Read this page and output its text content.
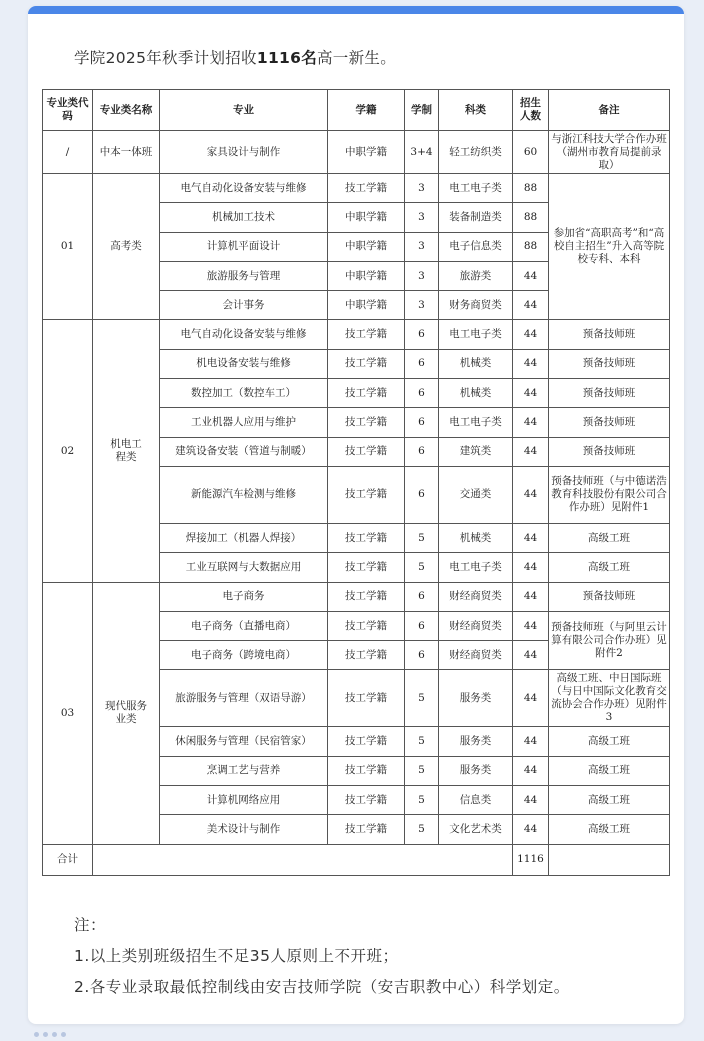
学院2025年秋季计划招收1116名高一新生。
专业类代码	专业类名称	专业	学籍	学制	科类	招生人数	备注
/	中本一体班	家具设计与制作	中职学籍	3+4	轻工纺织类	60	与浙江科技大学合作办班（湖州市教育局提前录取）
01	高考类	电气自动化设备安装与维修	技工学籍	3	电工电子类	88	参加省“高职高考”和“高校自主招生”升入高等院校专科、本科
		机械加工技术	中职学籍	3	装备制造类	88	
		计算机平面设计	中职学籍	3	电子信息类	88	
		旅游服务与管理	中职学籍	3	旅游类	44	
		会计事务	中职学籍	3	财务商贸类	44	
02	机电工程类	电气自动化设备安装与维修	技工学籍	6	电工电子类	44	预备技师班
		机电设备安装与维修	技工学籍	6	机械类	44	预备技师班
		数控加工（数控车工）	技工学籍	6	机械类	44	预备技师班
		工业机器人应用与维护	技工学籍	6	电工电子类	44	预备技师班
		建筑设备安装（管道与制暖）	技工学籍	6	建筑类	44	预备技师班
		新能源汽车检测与维修	技工学籍	6	交通类	44	预备技师班（与中德诺浩教育科技股份有限公司合作办班）见附件1
		焊接加工（机器人焊接）	技工学籍	5	机械类	44	高级工班
		工业互联网与大数据应用	技工学籍	5	电工电子类	44	高级工班
03	现代服务业类	电子商务	技工学籍	6	财经商贸类	44	预备技师班
		电子商务（直播电商）	技工学籍	6	财经商贸类	44	预备技师班（与阿里云计算有限公司合作办班）见附件2
		电子商务（跨境电商）	技工学籍	6	财经商贸类	44	
		旅游服务与管理（双语导游）	技工学籍	5	服务类	44	高级工班、中日国际班（与日中国际文化教育交流协会合作办班）见附件3
		休闲服务与管理（民宿管家）	技工学籍	5	服务类	44	高级工班
		烹调工艺与营养	技工学籍	5	服务类	44	高级工班
		计算机网络应用	技工学籍	5	信息类	44	高级工班
		美术设计与制作	技工学籍	5	文化艺术类	44	高级工班
合计						1116	
注：
1.以上类别班级招生不足35人原则上不开班；
2.各专业录取最低控制线由安吉技师学院（安吉职教中心）科学划定。
